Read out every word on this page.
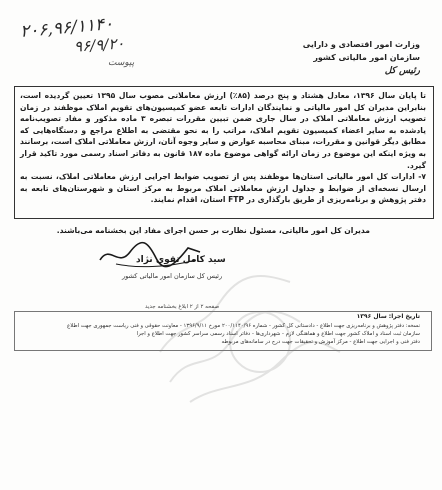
۲۰۶,۹۶/۱۱۴۰
۹۶/۹/۲۰
پیوست
وزارت امور اقتصادی و دارایی
سازمان امور مالیاتی کشور
رئیس کل

تا پایان سال ۱۳۹۶، معادل هشتاد و پنج درصد (۸۵٪) ارزش معاملاتی مصوب سال ۱۳۹۵ تعیین گردیده است، بنابراین مدیران کل امور مالیاتی و نمایندگان ادارات تابعه عضو کمیسیون‌های تقویم املاک موظفند در زمان تصویب ارزش معاملاتی املاک در سال جاری ضمن تبیین مقررات تبصره ۳ ماده مذکور و مفاد تصویب‌نامه یادشده به سایر اعضاء کمیسیون تقویم املاک، مراتب را به نحو مقتضی به اطلاع مراجع و دستگاه‌هایی که مطابق دیگر قوانین و مقررات، مبنای محاسبه عوارض و سایر وجوه آنان، ارزش معاملاتی املاک است، برسانند به ویژه اینکه این موضوع در زمان ارائه گواهی موضوع ماده ۱۸۷ قانون به دفاتر اسناد رسمی مورد تاکید قرار گیرد.

۷- ادارات کل امور مالیاتی استان‌ها موظفند پس از تصویب ضوابط اجرایی ارزش معاملاتی املاک، نسبت به ارسال نسخه‌ای از ضوابط و جداول ارزش معاملاتی املاک مربوط به مرکز استان و شهرستان‌های تابعه به دفتر پژوهش و برنامه‌ریزی از طریق بارگذاری در FTP استان، اقدام نمایند.

مدیران کل امور مالیاتی، مسئول نظارت بر حسن اجرای مفاد این بخشنامه می‌باشند.
سید کامل تقوی نژاد
رئیس کل سازمان امور مالیاتی کشور
صفحه ۲ از ۲ ابلاغ بخشنامه جدید
تاریخ اجرا: سال ۱۳۹۶
نسخه: دفتر پژوهش و برنامه‌ریزی جهت اطلاع - دادستانی کل کشور - شماره ۲۰۰/۱۱۴۰/۹۶ مورخ ۱۳۹۶/۹/۱۱ - معاونت حقوقی و فنی ریاست جمهوری جهت اطلاع
سازمان ثبت اسناد و املاک کشور جهت اطلاع و هماهنگی لازم - شهرداری‌ها - دفاتر اسناد رسمی سراسر کشور جهت اطلاع و اجرا
دفتر فنی و اجرایی جهت اطلاع - مرکز آموزش و تحقیقات جهت درج در سامانه‌های مربوطه
